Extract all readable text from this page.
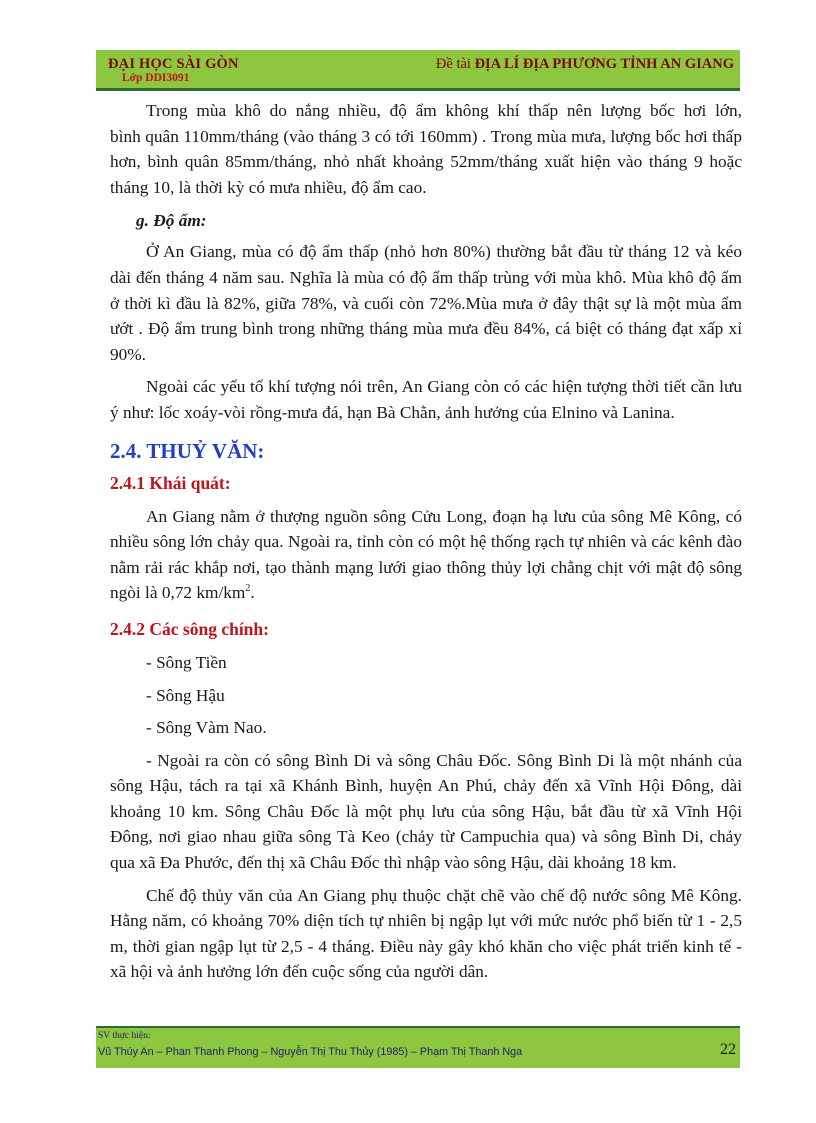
ĐẠI HỌC SÀI GÒN
Lớp DDI3091
Đề tài ĐỊA LÍ ĐỊA PHƯƠNG TỈNH AN GIANG

Trong mùa khô do nắng nhiều, độ ẩm không khí thấp nên lượng bốc hơi lớn,

bình quân 110mm/tháng (vào tháng 3 có tới 160mm) . Trong mùa mưa, lượng bốc hơi thấp hơn, bình quân 85mm/tháng, nhỏ nhất khoảng 52mm/tháng xuất hiện vào tháng 9 hoặc tháng 10, là thời kỳ có mưa nhiều, độ ẩm cao.

g. Độ ẩm:

Ở An Giang, mùa có độ ẩm thấp (nhỏ hơn 80%) thường bắt đầu từ tháng 12 và kéo dài đến tháng 4 năm sau. Nghĩa là mùa có độ ẩm thấp trùng với mùa khô. Mùa khô độ ẩm ở thời kì đầu là 82%, giữa 78%, và cuối còn 72%.Mùa mưa ở đây thật sự là một mùa ẩm ướt . Độ ẩm trung bình trong những tháng mùa mưa đều 84%, cá biệt có tháng đạt xấp xỉ 90%.

Ngoài các yếu tố khí tượng nói trên, An Giang còn có các hiện tượng thời tiết cần lưu ý như: lốc xoáy-vòi rồng-mưa đá, hạn Bà Chằn, ảnh hưởng của Elnino và Lanina.

2.4. THUỶ VĂN:
2.4.1 Khái quát:

An Giang nằm ở thượng nguồn sông Cửu Long, đoạn hạ lưu của sông Mê Kông, có nhiều sông lớn chảy qua. Ngoài ra, tỉnh còn có một hệ thống rạch tự nhiên và các kênh đào nằm rải rác khắp nơi, tạo thành mạng lưới giao thông thủy lợi chằng chịt với mật độ sông ngòi là 0,72 $km/km^2$.

2.4.2 Các sông chính:
- Sông Tiền
- Sông Hậu
- Sông Vàm Nao.

- Ngoài ra còn có sông Bình Di và sông Châu Đốc. Sông Bình Di là một nhánh của sông Hậu, tách ra tại xã Khánh Bình, huyện An Phú, chảy đến xã Vĩnh Hội Đông, dài khoảng 10 km. Sông Châu Đốc là một phụ lưu của sông Hậu, bắt đầu từ xã Vĩnh Hội Đông, nơi giao nhau giữa sông Tà Keo (chảy từ Campuchia qua) và sông Bình Di, chảy qua xã Đa Phước, đến thị xã Châu Đốc thì nhập vào sông Hậu, dài khoảng 18 km.

Chế độ thủy văn của An Giang phụ thuộc chặt chẽ vào chế độ nước sông Mê Kông. Hằng năm, có khoảng 70% diện tích tự nhiên bị ngập lụt với mức nước phổ biến từ 1 - 2,5 m, thời gian ngập lụt từ 2,5 - 4 tháng. Điều này gây khó khăn cho việc phát triển kinh tế - xã hội và ảnh hưởng lớn đến cuộc sống của người dân.

SV thực hiện:
Vũ Thúy An – Phan Thanh Phong – Nguyễn Thị Thu Thủy (1985) – Phạm Thị Thanh Nga	22
